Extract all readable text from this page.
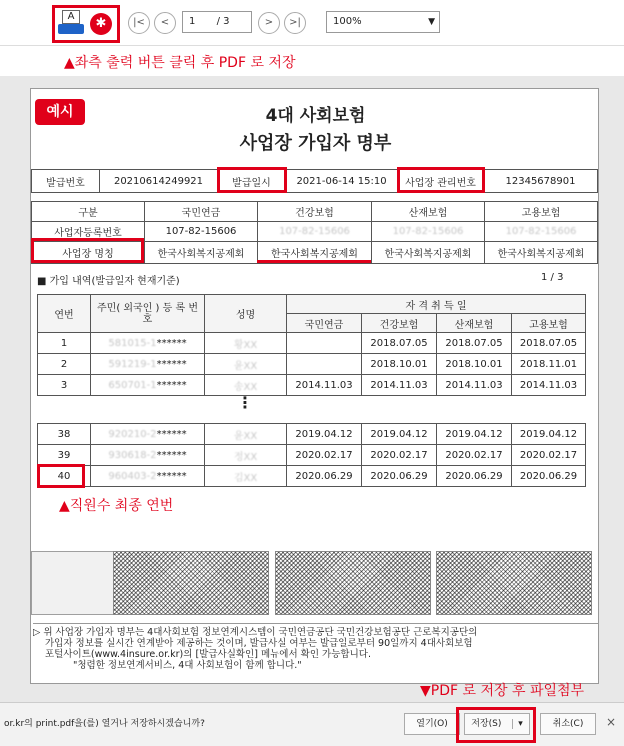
A	✱	|<	<	1 / 3	>	>|	100%	▼
▲좌측 출력 버튼 클릭 후 PDF 로 저장
예시	4대 사회보험
사업장 가입자 명부
발급번호	20210614249921	발급일시	2021-06-14 15:10	사업장 관리번호	12345678901
구분	국민연금	건강보험	산재보험	고용보험
사업자등록번호	107-82-15606	107-82-15606	107-82-15606	107-82-15606
사업장 명칭	한국사회복지공제회	한국사회복지공제회	한국사회복지공제회	한국사회복지공제회
■ 가입 내역(발급일자 현재기준)	1 / 3
연번	주민( 외국인 ) 등 록 번 호	성명	자 격 취 득 일			
			국민연금	건강보험	산재보험	고용보험
1	581015-1******	황XX		2018.07.05	2018.07.05	2018.07.05
2	591219-1******	윤XX		2018.10.01	2018.10.01	2018.11.01
3	650701-1******	송XX	2014.11.03	2014.11.03	2014.11.03	2014.11.03
⋮
38	920210-2******	윤XX	2019.04.12	2019.04.12	2019.04.12	2019.04.12
39	930618-2******	정XX	2020.02.17	2020.02.17	2020.02.17	2020.02.17
40	960403-2******	김XX	2020.06.29	2020.06.29	2020.06.29	2020.06.29
▲직원수 최종 연번
▷ 위 사업장 가입자 명부는 4대사회보험 정보연계시스템이 국민연금공단 국민건강보험공단 근로복지공단의
가입자 정보를 실시간 연계받아 제공하는 것이며, 발급사실 여부는 발급일로부터 90일까지 4대사회보험
포털사이트(www.4insure.or.kr)의 [발급사실확인] 메뉴에서 확인 가능합니다.
"청렴한 정보연계서비스, 4대 사회보험이 함께 합니다."
▼PDF 로 저장 후 파일첨부
or.kr의 print.pdf을(를) 열거나 저장하시겠습니까?	열기(O)	저장(S) ▾	취소(C)	×
